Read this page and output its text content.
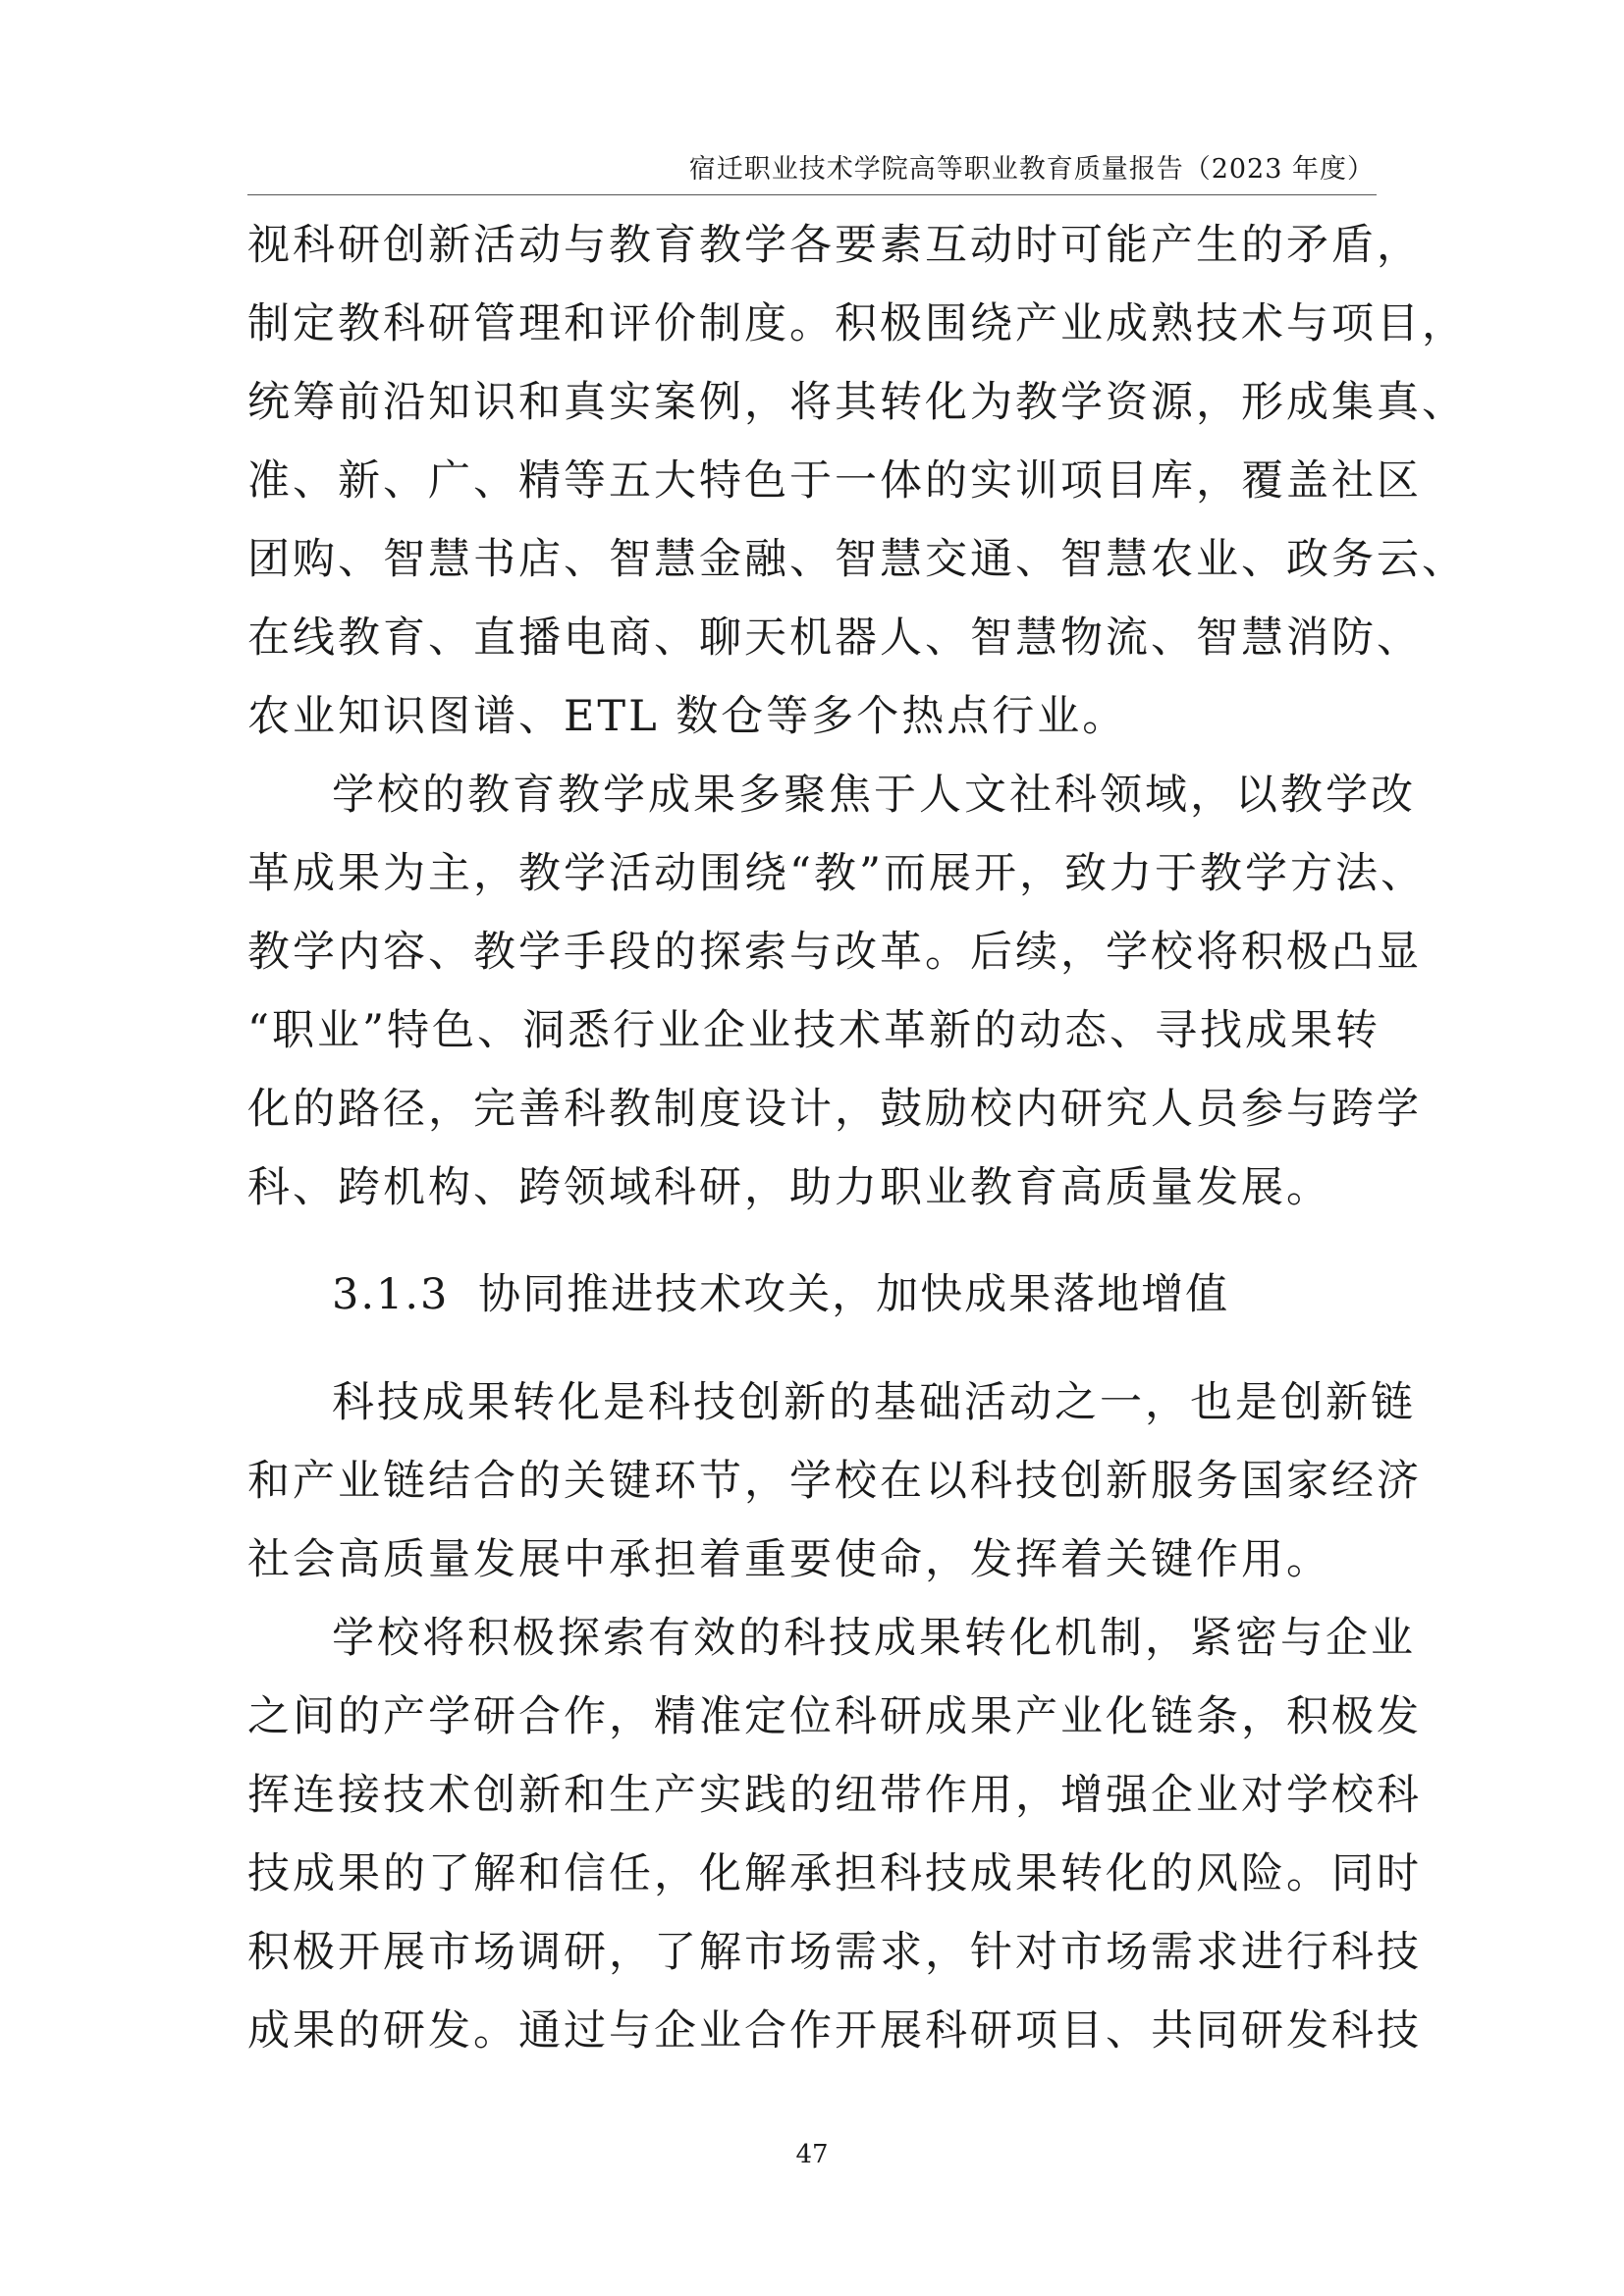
宿迁职业技术学院高等职业教育质量报告（2023 年度）
视科研创新活动与教育教学各要素互动时可能产生的矛盾，
制定教科研管理和评价制度。积极围绕产业成熟技术与项目，
统筹前沿知识和真实案例，将其转化为教学资源，形成集真、
准、新、广、精等五大特色于一体的实训项目库，覆盖社区
团购、智慧书店、智慧金融、智慧交通、智慧农业、政务云、
在线教育、直播电商、聊天机器人、智慧物流、智慧消防、
农业知识图谱、ETL 数仓等多个热点行业。
学校的教育教学成果多聚焦于人文社科领域，以教学改
革成果为主，教学活动围绕“教”而展开，致力于教学方法、
教学内容、教学手段的探索与改革。后续，学校将积极凸显
“职业”特色、洞悉行业企业技术革新的动态、寻找成果转
化的路径，完善科教制度设计，鼓励校内研究人员参与跨学
科、跨机构、跨领域科研，助力职业教育高质量发展。
3.1.3 协同推进技术攻关，加快成果落地增值
科技成果转化是科技创新的基础活动之一，也是创新链
和产业链结合的关键环节，学校在以科技创新服务国家经济
社会高质量发展中承担着重要使命，发挥着关键作用。
学校将积极探索有效的科技成果转化机制，紧密与企业
之间的产学研合作，精准定位科研成果产业化链条，积极发
挥连接技术创新和生产实践的纽带作用，增强企业对学校科
技成果的了解和信任，化解承担科技成果转化的风险。同时
积极开展市场调研，了解市场需求，针对市场需求进行科技
成果的研发。通过与企业合作开展科研项目、共同研发科技
47
